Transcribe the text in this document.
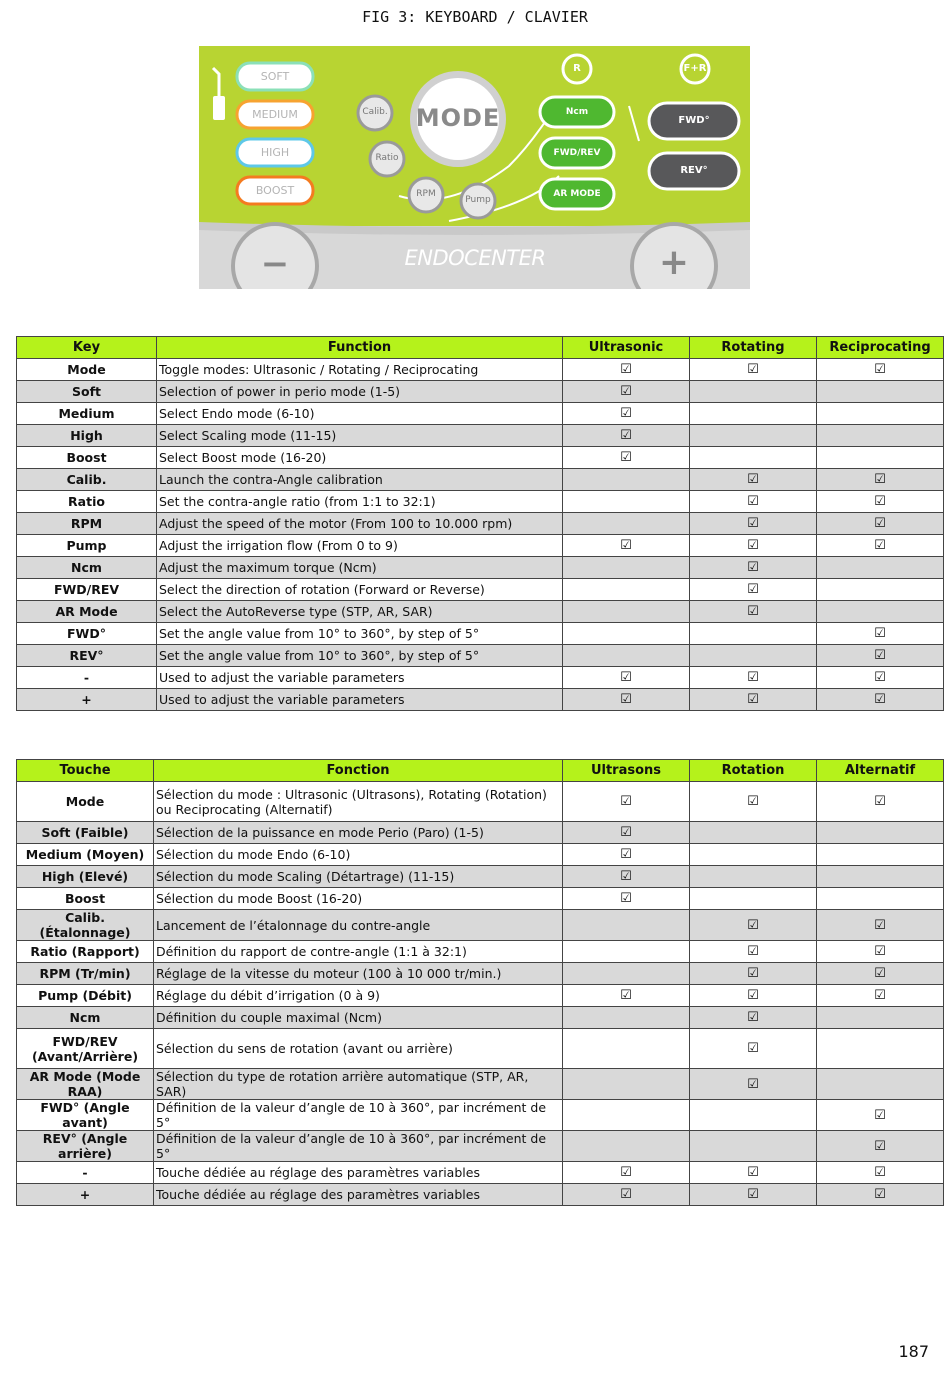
FIG 3: KEYBOARD / CLAVIER
SOFT
MEDIUM
HIGH
BOOST
Calib.
Ratio
RPM
Pump
MODE
R	F+R
Ncm
FWD/REV
AR MODE
FWD°
REV°
−	+
ENDOCENTER
Key	Function	Ultrasonic	Rotating	Reciprocating
Mode	Toggle modes: Ultrasonic / Rotating / Reciprocating	☑	☑	☑
Soft	Selection of power in perio mode (1-5)	☑		
Medium	Select Endo mode (6-10)	☑		
High	Select Scaling mode (11-15)	☑		
Boost	Select Boost mode (16-20)	☑		
Calib.	Launch the contra-Angle calibration		☑	☑
Ratio	Set the contra-angle ratio (from 1:1 to 32:1)		☑	☑
RPM	Adjust the speed of the motor (From 100 to 10.000 rpm)		☑	☑
Pump	Adjust the irrigation flow (From 0 to 9)	☑	☑	☑
Ncm	Adjust the maximum torque (Ncm)		☑	
FWD/REV	Select the direction of rotation (Forward or Reverse)		☑	
AR Mode	Select the AutoReverse type (STP, AR, SAR)		☑	
FWD°	Set the angle value from 10° to 360°, by step of 5°			☑
REV°	Set the angle value from 10° to 360°, by step of 5°			☑
-	Used to adjust the variable parameters	☑	☑	☑
+	Used to adjust the variable parameters	☑	☑	☑
Touche	Fonction	Ultrasons	Rotation	Alternatif
Mode	Sélection du mode : Ultrasonic (Ultrasons), Rotating (Rotation) ou Reciprocating (Alternatif)	☑	☑	☑
Soft (Faible)	Sélection de la puissance en mode Perio (Paro) (1-5)	☑		
Medium (Moyen)	Sélection du mode Endo (6-10)	☑		
High (Elevé)	Sélection du mode Scaling (Détartrage) (11-15)	☑		
Boost	Sélection du mode Boost (16-20)	☑		
Calib. (Étalonnage)	Lancement de l’étalonnage du contre-angle		☑	☑
Ratio (Rapport)	Définition du rapport de contre-angle (1:1 à 32:1)		☑	☑
RPM (Tr/min)	Réglage de la vitesse du moteur (100 à 10 000 tr/min.)		☑	☑
Pump (Débit)	Réglage du débit d’irrigation (0 à 9)	☑	☑	☑
Ncm	Définition du couple maximal (Ncm)		☑	
FWD/REV (Avant/Arrière)	Sélection du sens de rotation (avant ou arrière)		☑	
AR Mode (Mode RAA)	Sélection du type de rotation arrière automatique (STP, AR, SAR)		☑	
FWD° (Angle avant)	Définition de la valeur d’angle de 10 à 360°, par incrément de 5°			☑
REV° (Angle arrière)	Définition de la valeur d’angle de 10 à 360°, par incrément de 5°			☑
-	Touche dédiée au réglage des paramètres variables	☑	☑	☑
+	Touche dédiée au réglage des paramètres variables	☑	☑	☑
187
